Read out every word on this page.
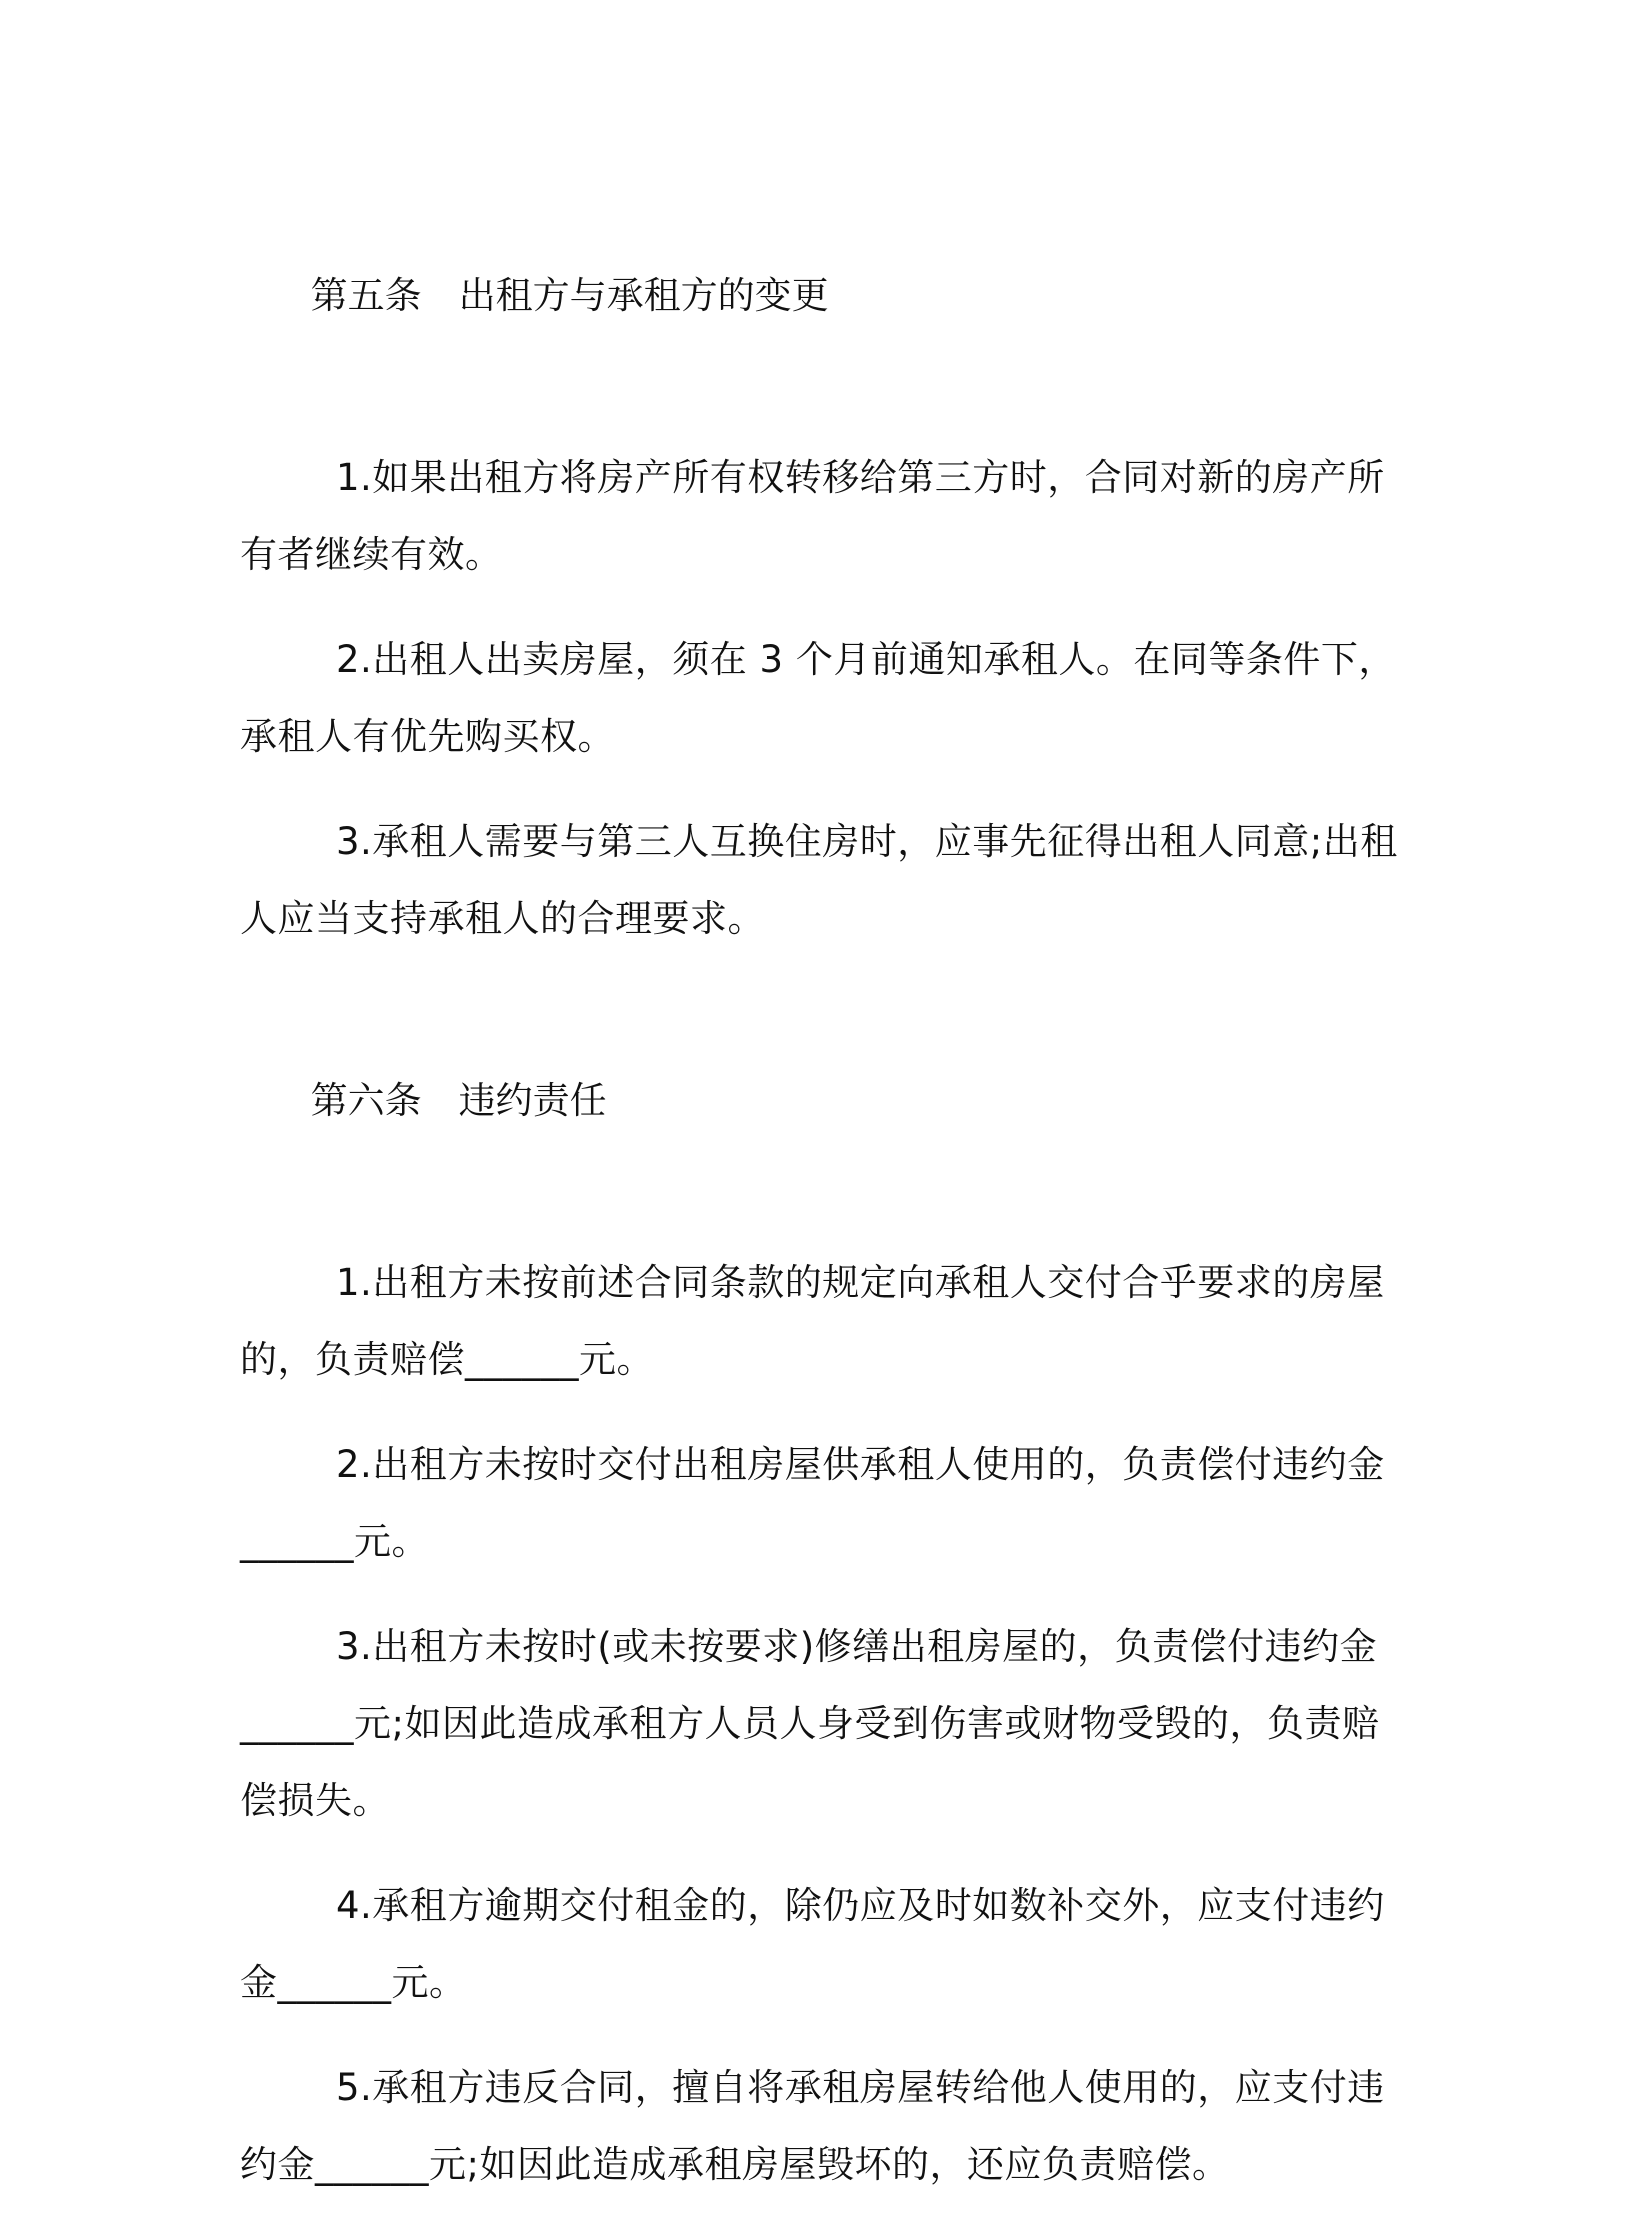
第五条　出租方与承租方的变更

1.如果出租方将房产所有权转移给第三方时，合同对新的房产所
有者继续有效。
2.出租人出卖房屋，须在 3 个月前通知承租人。在同等条件下，
承租人有优先购买权。
3.承租人需要与第三人互换住房时，应事先征得出租人同意;出租
人应当支持承租人的合理要求。

第六条　违约责任

1.出租方未按前述合同条款的规定向承租人交付合乎要求的房屋
的，负责赔偿______元。
2.出租方未按时交付出租房屋供承租人使用的，负责偿付违约金
______元。
3.出租方未按时(或未按要求)修缮出租房屋的，负责偿付违约金
______元;如因此造成承租方人员人身受到伤害或财物受毁的，负责赔
偿损失。
4.承租方逾期交付租金的，除仍应及时如数补交外，应支付违约
金______元。
5.承租方违反合同，擅自将承租房屋转给他人使用的，应支付违
约金______元;如因此造成承租房屋毁坏的，还应负责赔偿。
